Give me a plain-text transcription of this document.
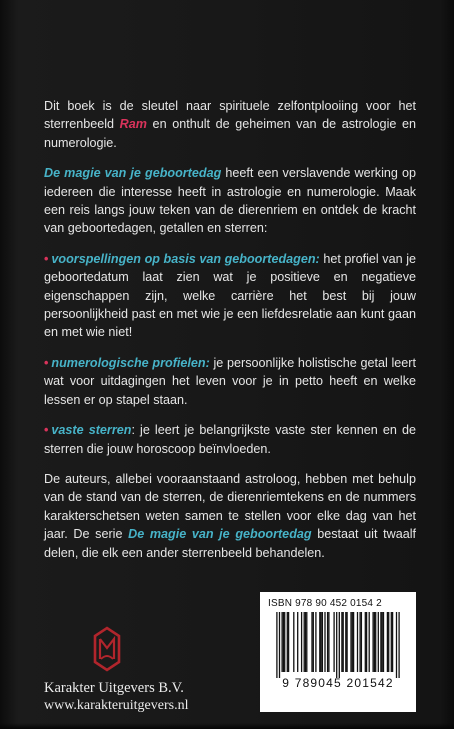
Dit boek is de sleutel naar spirituele zelfontplooiing voor het sterrenbeeld Ram en onthult de geheimen van de astrologie en numerologie.

De magie van je geboortedag heeft een verslavende werking op iedereen die interesse heeft in astrologie en numerologie. Maak een reis langs jouw teken van de dierenriem en ontdek de kracht van geboortedagen, getallen en sterren:

• voorspellingen op basis van geboortedagen: het profiel van je geboortedatum laat zien wat je positieve en negatieve eigenschappen zijn, welke carrière het best bij jouw persoonlijkheid past en met wie je een liefdesrelatie aan kunt gaan en met wie niet!

• numerologische profielen: je persoonlijke holistische getal leert wat voor uitdagingen het leven voor je in petto heeft en welke lessen er op stapel staan.

• vaste sterren: je leert je belangrijkste vaste ster kennen en de sterren die jouw horoscoop beïnvloeden.

De auteurs, allebei vooraanstaand astroloog, hebben met behulp van de stand van de sterren, de dierenriemtekens en de nummers karakterschetsen weten samen te stellen voor elke dag van het jaar. De serie De magie van je geboortedag bestaat uit twaalf delen, die elk een ander sterrenbeeld behandelen.

ISBN 978 90 452 0154 2
9 789045 201542
Karakter Uitgevers B.V.
www.karakteruitgevers.nl
